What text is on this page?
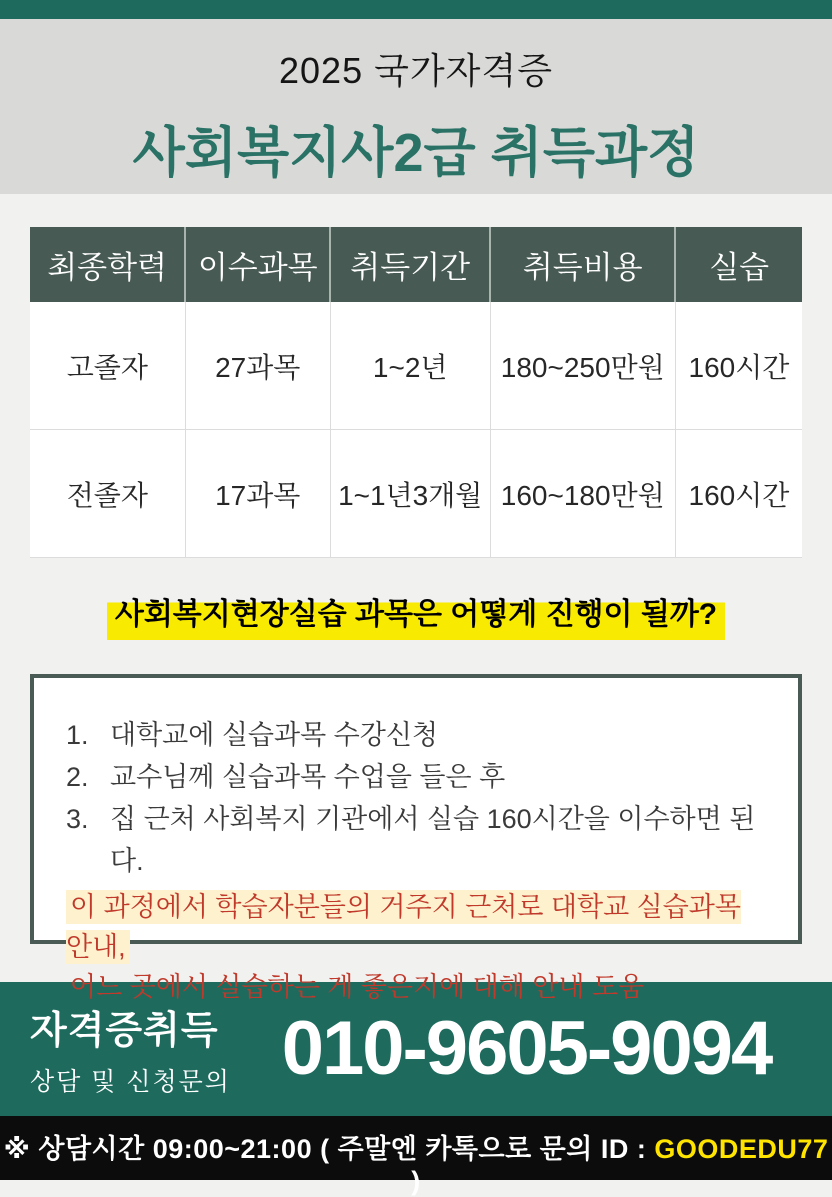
2025 국가자격증
사회복지사2급 취득과정
최종학력	이수과목	취득기간	취득비용	실습
고졸자	27과목	1~2년	180~250만원	160시간
전졸자	17과목	1~1년3개월	160~180만원	160시간
사회복지현장실습 과목은 어떻게 진행이 될까?
1. 대학교에 실습과목 수강신청
2. 교수님께 실습과목 수업을 들은 후
3. 집 근처 사회복지 기관에서 실습 160시간을 이수하면 된다.
이 과정에서 학습자분들의 거주지 근처로 대학교 실습과목 안내,
어느 곳에서 실습하는 게 좋은지에 대해 안내 도움
자격증취득
상담 및 신청문의 010-9605-9094
※ 상담시간 09:00~21:00 ( 주말엔 카톡으로 문의 ID : GOODEDU77 )
